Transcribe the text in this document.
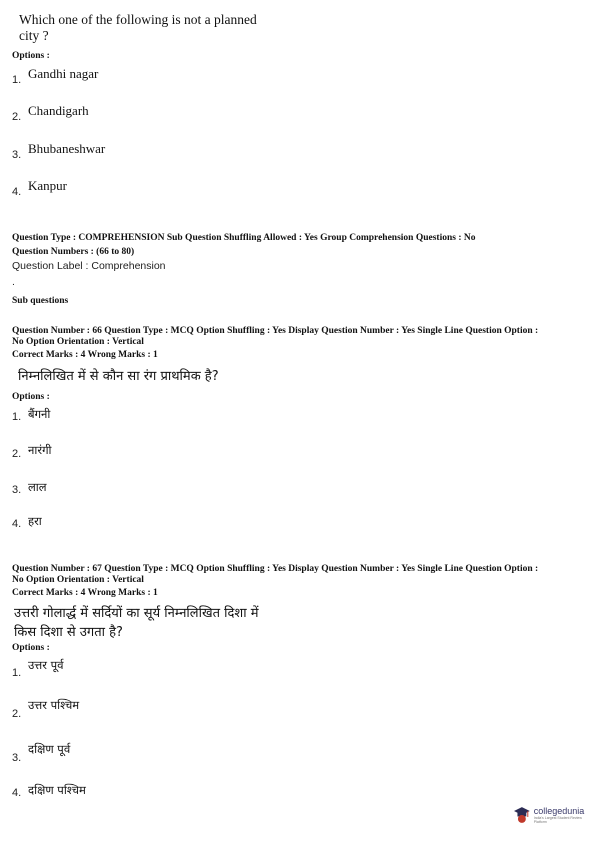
Which one of the following is not a planned
city ?
Options :
1. Gandhi nagar
2. Chandigarh
3. Bhubaneshwar
4. Kanpur
Question Type : COMPREHENSION Sub Question Shuffling Allowed : Yes Group Comprehension Questions : No
Question Numbers : (66 to 80)
Question Label : Comprehension
.
Sub questions
Question Number : 66 Question Type : MCQ Option Shuffling : Yes Display Question Number : Yes Single Line Question Option :
No Option Orientation : Vertical
Correct Marks : 4 Wrong Marks : 1
निम्नलिखित में से कौन सा रंग प्राथमिक है?
Options :
1. बैंगनी
2. नारंगी
3. लाल
4. हरा
Question Number : 67 Question Type : MCQ Option Shuffling : Yes Display Question Number : Yes Single Line Question Option :
No Option Orientation : Vertical
Correct Marks : 4 Wrong Marks : 1
उत्तरी गोलार्द्ध में सर्दियों का सूर्य निम्नलिखित दिशा में
किस दिशा से उगता है?
Options :
1.
उत्तर पूर्व
2.
उत्तर पश्चिम
3.
दक्षिण पूर्व
4. दक्षिण पश्चिम
collegedunia
India's Largest Student Review Platform
